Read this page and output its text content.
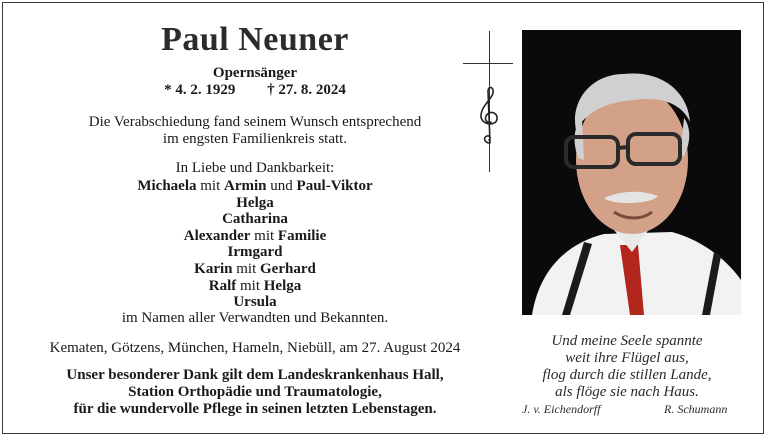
Paul Neuner
Opernsänger
* 4. 2. 1929 † 27. 8. 2024
Die Verabschiedung fand seinem Wunsch entsprechend
im engsten Familienkreis statt.
In Liebe und Dankbarkeit:
Michaela mit Armin und Paul-Viktor
Helga
Catharina
Alexander mit Familie
Irmgard
Karin mit Gerhard
Ralf mit Helga
Ursula
im Namen aller Verwandten und Bekannten.
Kematen, Götzens, München, Hameln, Niebüll, am 27. August 2024
Unser besonderer Dank gilt dem Landeskrankenhaus Hall,
Station Orthopädie und Traumatologie,
für die wundervolle Pflege in seinen letzten Lebenstagen.
Und meine Seele spannte
weit ihre Flügel aus,
flog durch die stillen Lande,
als flöge sie nach Haus.
J. v. Eichendorff	R. Schumann
